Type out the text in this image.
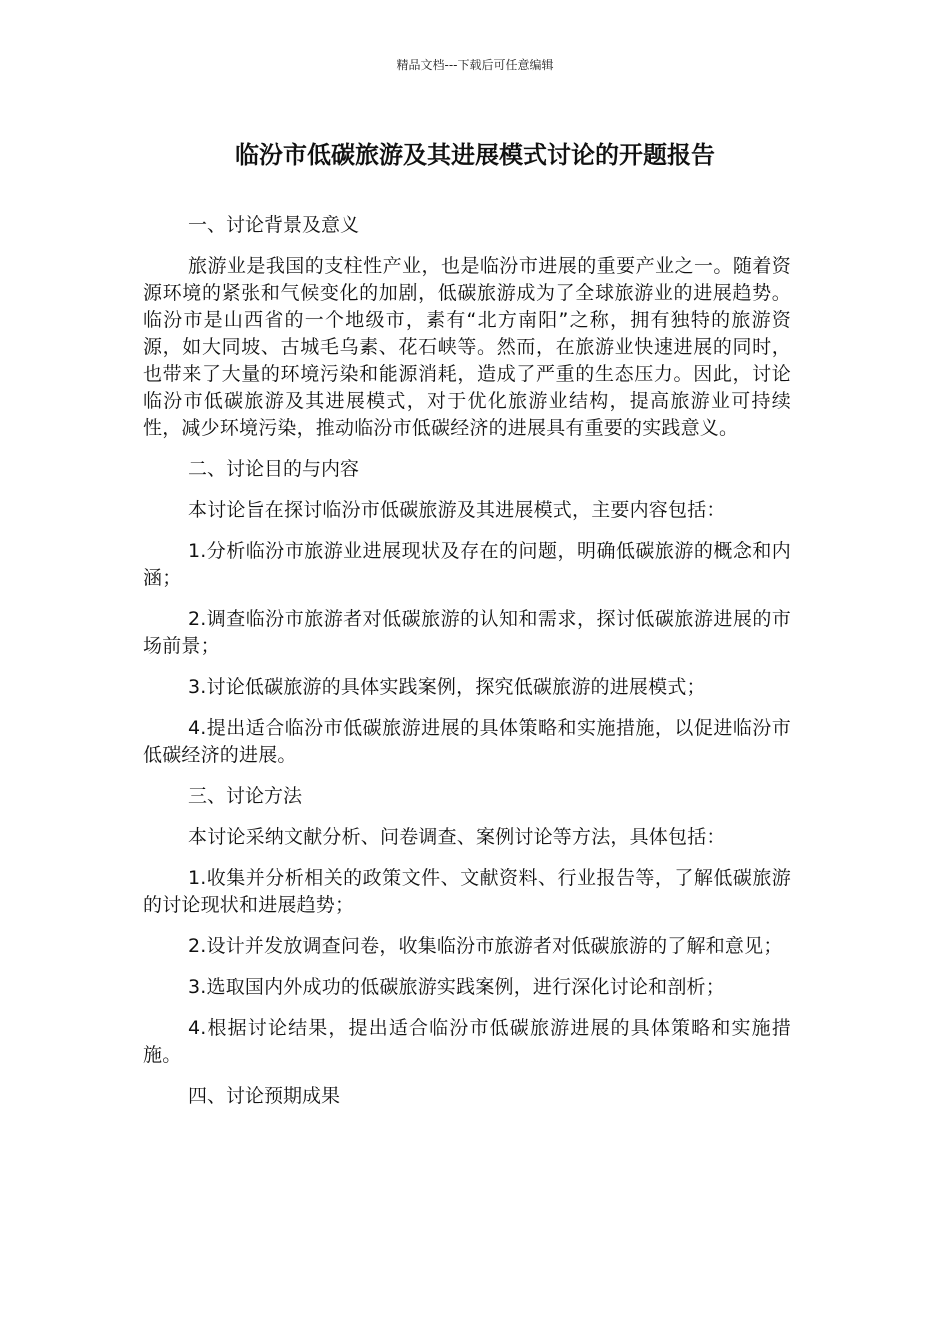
精品文档---下载后可任意编辑
临汾市低碳旅游及其进展模式讨论的开题报告
一、讨论背景及意义

旅游业是我国的支柱性产业，也是临汾市进展的重要产业之一。随着资源环境的紧张和气候变化的加剧，低碳旅游成为了全球旅游业的进展趋势。临汾市是山西省的一个地级市，素有“北方南阳”之称，拥有独特的旅游资源，如大同坡、古城毛乌素、花石峡等。然而，在旅游业快速进展的同时，也带来了大量的环境污染和能源消耗，造成了严重的生态压力。因此，讨论临汾市低碳旅游及其进展模式，对于优化旅游业结构，提高旅游业可持续性，减少环境污染，推动临汾市低碳经济的进展具有重要的实践意义。

二、讨论目的与内容

本讨论旨在探讨临汾市低碳旅游及其进展模式，主要内容包括：

1.分析临汾市旅游业进展现状及存在的问题，明确低碳旅游的概念和内涵；

2.调查临汾市旅游者对低碳旅游的认知和需求，探讨低碳旅游进展的市场前景；

3.讨论低碳旅游的具体实践案例，探究低碳旅游的进展模式；

4.提出适合临汾市低碳旅游进展的具体策略和实施措施，以促进临汾市低碳经济的进展。

三、讨论方法

本讨论采纳文献分析、问卷调查、案例讨论等方法，具体包括：

1.收集并分析相关的政策文件、文献资料、行业报告等，了解低碳旅游的讨论现状和进展趋势；

2.设计并发放调查问卷，收集临汾市旅游者对低碳旅游的了解和意见；

3.选取国内外成功的低碳旅游实践案例，进行深化讨论和剖析；

4.根据讨论结果，提出适合临汾市低碳旅游进展的具体策略和实施措施。

四、讨论预期成果
